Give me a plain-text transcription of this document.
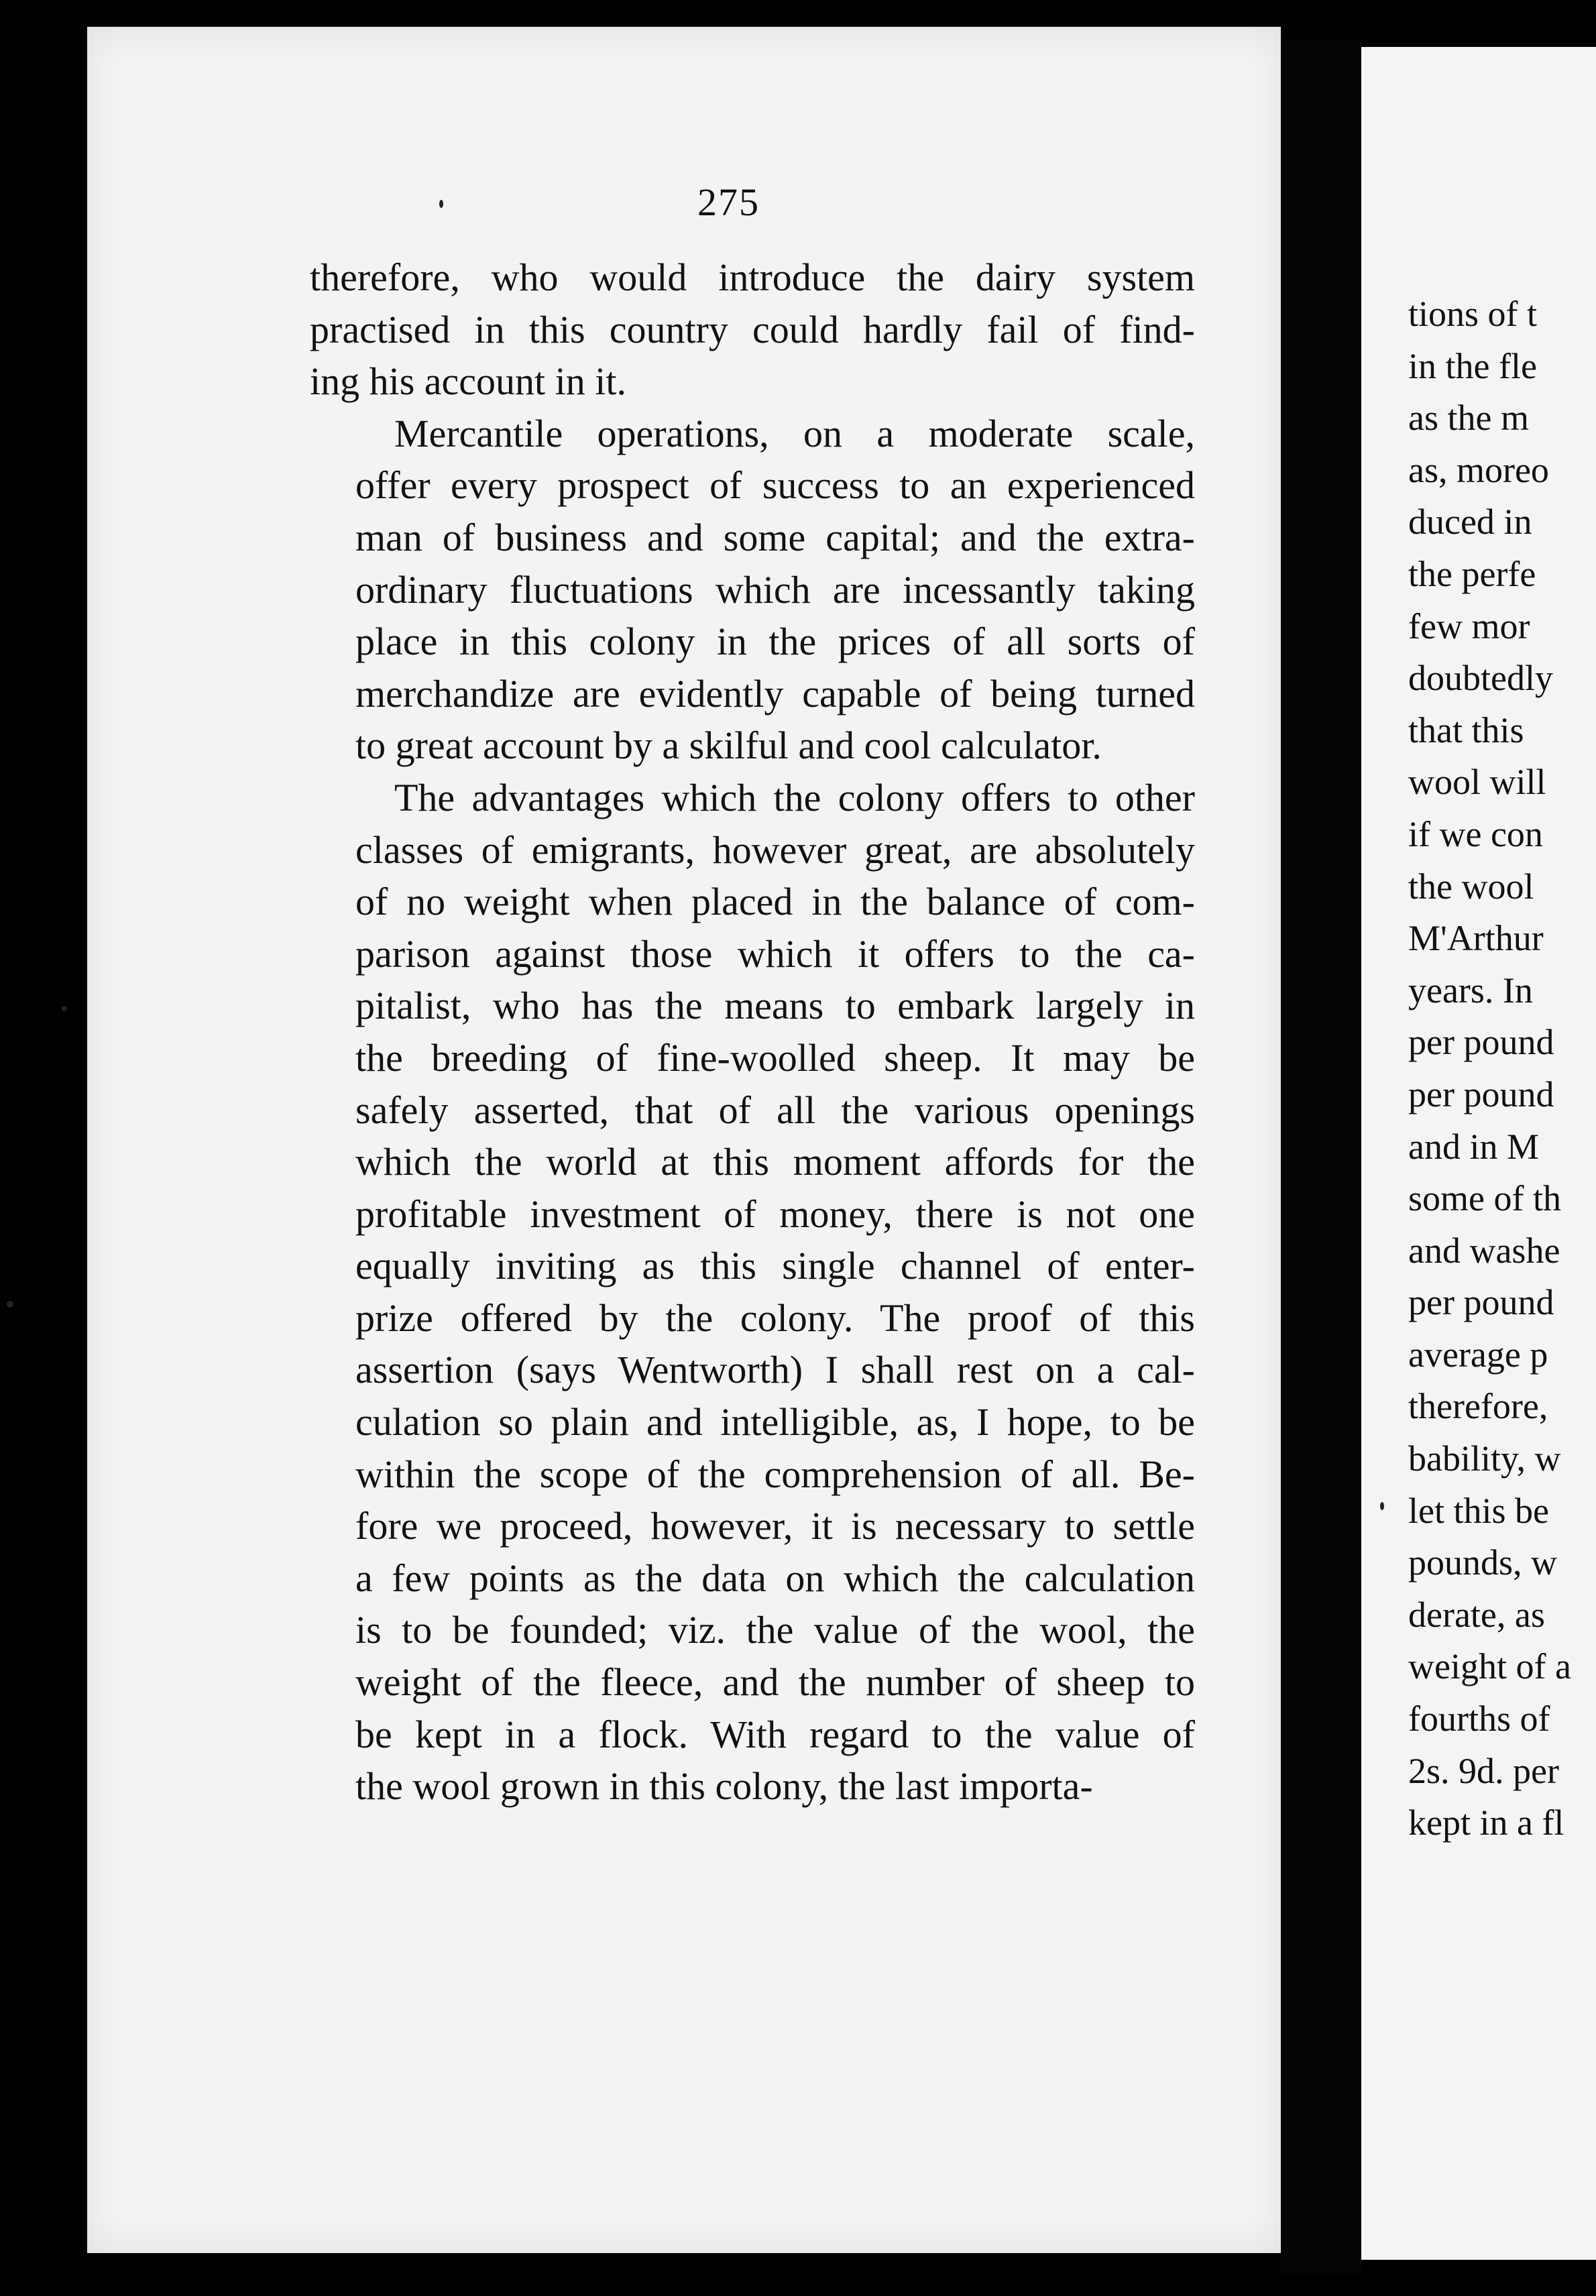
tions of t
in the fle
as the m
as, moreo
duced in
the perfe
few mor
doubtedly
that this
wool will
if we con
the wool
M'Arthur
years. In
per pound
per pound
and in M
some of th
and washe
per pound
average p
therefore,
bability, w
let this be
pounds, w
derate, as
weight of a
fourths of
2s. 9d. per
kept in a fl
275

therefore, who would introduce the dairy system
practised in this country could hardly fail of find-
ing his account in it.

Mercantile operations, on a moderate scale,
offer every prospect of success to an experienced
man of business and some capital; and the extra-
ordinary fluctuations which are incessantly taking
place in this colony in the prices of all sorts of
merchandize are evidently capable of being turned
to great account by a skilful and cool calculator.

The advantages which the colony offers to other
classes of emigrants, however great, are absolutely
of no weight when placed in the balance of com-
parison against those which it offers to the ca-
pitalist, who has the means to embark largely in
the breeding of fine-woolled sheep. It may be
safely asserted, that of all the various openings
which the world at this moment affords for the
profitable investment of money, there is not one
equally inviting as this single channel of enter-
prize offered by the colony. The proof of this
assertion (says Wentworth) I shall rest on a cal-
culation so plain and intelligible, as, I hope, to be
within the scope of the comprehension of all. Be-
fore we proceed, however, it is necessary to settle
a few points as the data on which the calculation
is to be founded; viz. the value of the wool, the
weight of the fleece, and the number of sheep to
be kept in a flock. With regard to the value of
the wool grown in this colony, the last importa-
